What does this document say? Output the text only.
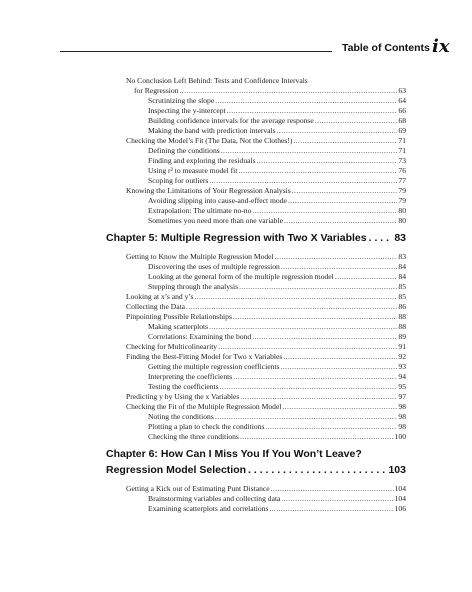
Table of Contents ix
No Conclusion Left Behind: Tests and Confidence Intervals
for Regression .....	63
Scrutinizing the slope .....	64
Inspecting the y-intercept .....	66
Building confidence intervals for the average response .....	68
Making the band with prediction intervals .....	69
Checking the Model’s Fit (The Data, Not the Clothes!) .....	71
Defining the conditions .....	71
Finding and exploring the residuals .....	73
Using r² to measure model fit .....	76
Scoping for outliers .....	77
Knowing the Limitations of Your Regression Analysis .....	79
Avoiding slipping into cause-and-effect mode .....	79
Extrapolation: The ultimate no-no .....	80
Sometimes you need more than one variable .....	80
Chapter 5: Multiple Regression with Two X Variables . . .	83
Getting to Know the Multiple Regression Model .....	83
Discovering the uses of multiple regression .....	84
Looking at the general form of the multiple regression model .....	84
Stepping through the analysis .....	85
Looking at x’s and y’s .....	85
Collecting the Data .....	86
Pinpointing Possible Relationships .....	88
Making scatterplots .....	88
Correlations: Examining the bond .....	89
Checking for Multicolinearity .....	91
Finding the Best-Fitting Model for Two x Variables .....	92
Getting the multiple regression coefficients .....	93
Interpreting the coefficients .....	94
Testing the coefficients .....	95
Predicting y by Using the x Variables .....	97
Checking the Fit of the Multiple Regression Model .....	98
Noting the conditions .....	98
Plotting a plan to check the conditions .....	98
Checking the three conditions .....	100
Chapter 6: How Can I Miss You If You Won’t Leave?
Regression Model Selection . . .	103
Getting a Kick out of Estimating Punt Distance .....	104
Brainstorming variables and collecting data .....	104
Examining scatterplots and correlations .....	106
